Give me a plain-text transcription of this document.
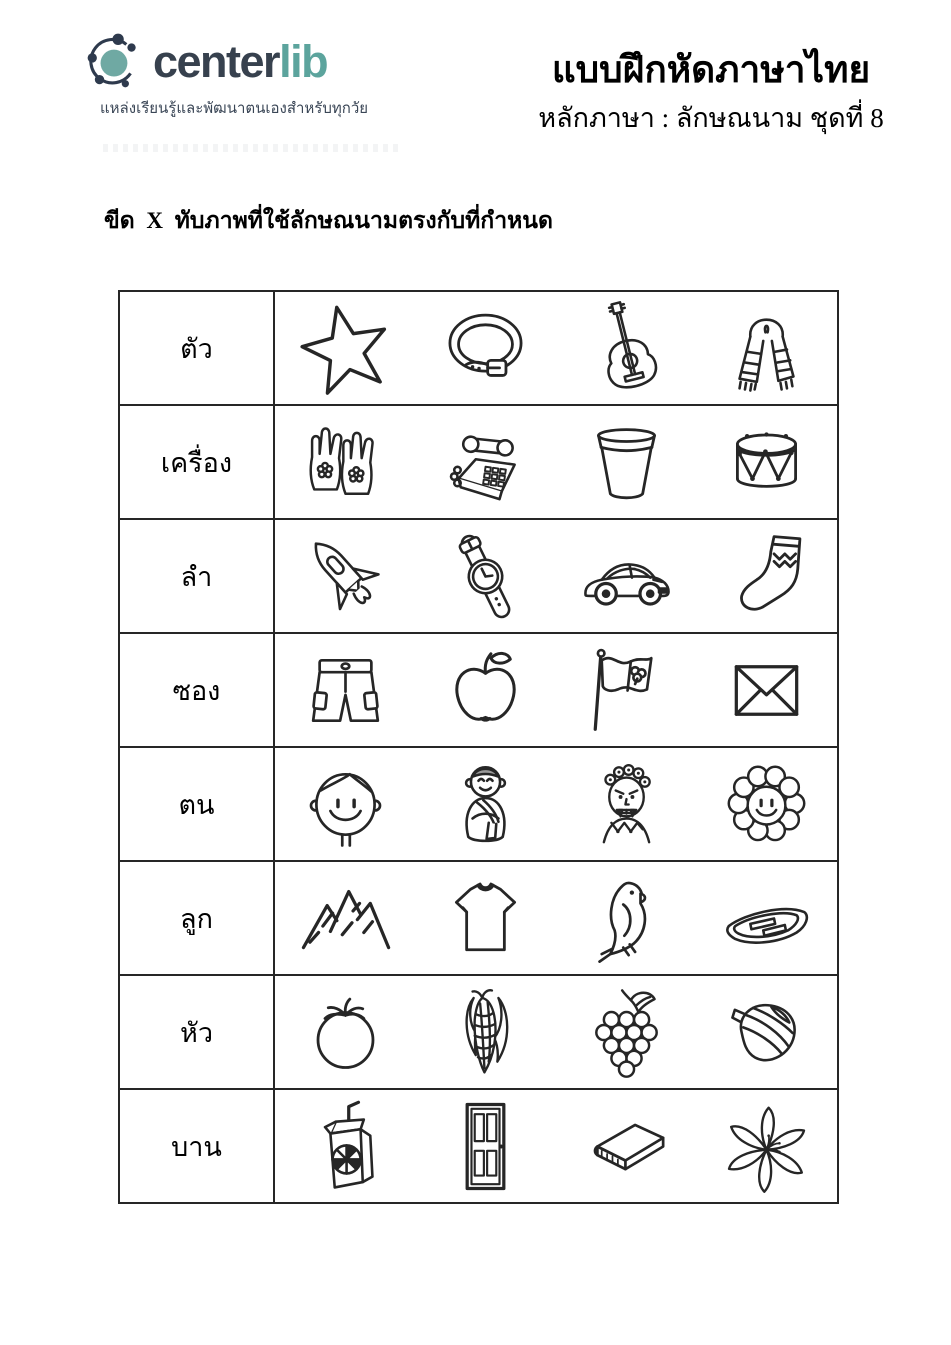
centerlib
แหล่งเรียนรู้และพัฒนาตนเองสำหรับทุกวัย
แบบฝึกหัดภาษาไทย
หลักภาษา : ลักษณนาม ชุดที่ 8
ขีด X ทับภาพที่ใช้ลักษณนามตรงกับที่กำหนด
ตัว
เครื่อง
ลำ
ซอง
ตน
ลูก
หัว
บาน
